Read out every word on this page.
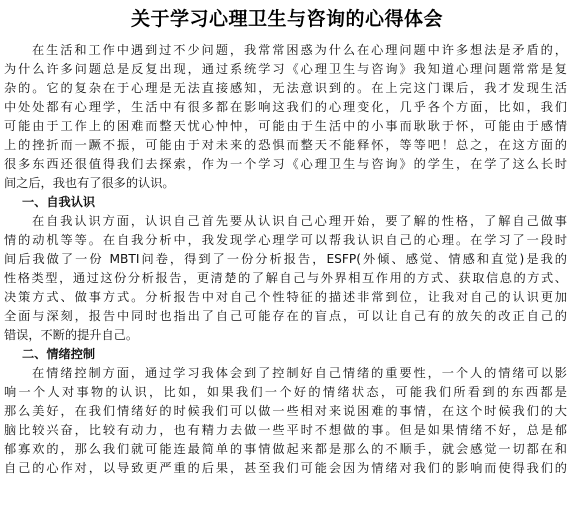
关于学习心理卫生与咨询的心得体会
在生活和工作中遇到过不少问题，我常常困惑为什么在心理问题中许多想法是矛盾的，
为什么许多问题总是反复出现，通过系统学习《心理卫生与咨询》我知道心理问题常常是复
杂的。它的复杂在于心理是无法直接感知，无法意识到的。在上完这门课后，我才发现生活
中处处都有心理学，生活中有很多都在影响这我们的心理变化，几乎各个方面，比如，我们
可能由于工作上的困难而整天忧心忡忡，可能由于生活中的小事而耿耿于怀，可能由于感情
上的挫折而一蹶不振，可能由于对未来的恐惧而整天不能释怀，等等吧！总之，在这方面的
很多东西还很值得我们去探索，作为一个学习《心理卫生与咨询》的学生，在学了这么长时
间之后，我也有了很多的认识。
一、自我认识
在自我认识方面，认识自己首先要从认识自己心理开始，要了解的性格，了解自己做事
情的动机等等。在自我分析中，我发现学心理学可以帮我认识自己的心理。在学习了一段时
间后我做了一份 MBTI问卷，得到了一份分析报告，ESFP(外倾、感觉、情感和直觉)是我的
性格类型，通过这份分析报告，更清楚的了解自己与外界相互作用的方式、获取信息的方式、
决策方式、做事方式。分析报告中对自己个性特征的描述非常到位，让我对自己的认识更加
全面与深刻，报告中同时也指出了自己可能存在的盲点，可以让自己有的放矢的改正自己的
错误，不断的提升自己。
二、情绪控制
在情绪控制方面，通过学习我体会到了控制好自己情绪的重要性，一个人的情绪可以影
响一个人对事物的认识，比如，如果我们一个好的情绪状态，可能我们所看到的东西都是
那么美好，在我们情绪好的时候我们可以做一些相对来说困难的事情，在这个时候我们的大
脑比较兴奋，比较有动力，也有精力去做一些平时不想做的事。但是如果情绪不好，总是郁
郁寡欢的，那么我们就可能连最简单的事情做起来都是那么的不顺手，就会感觉一切都在和
自己的心作对，以导致更严重的后果，甚至我们可能会因为情绪对我们的影响而使得我们的
